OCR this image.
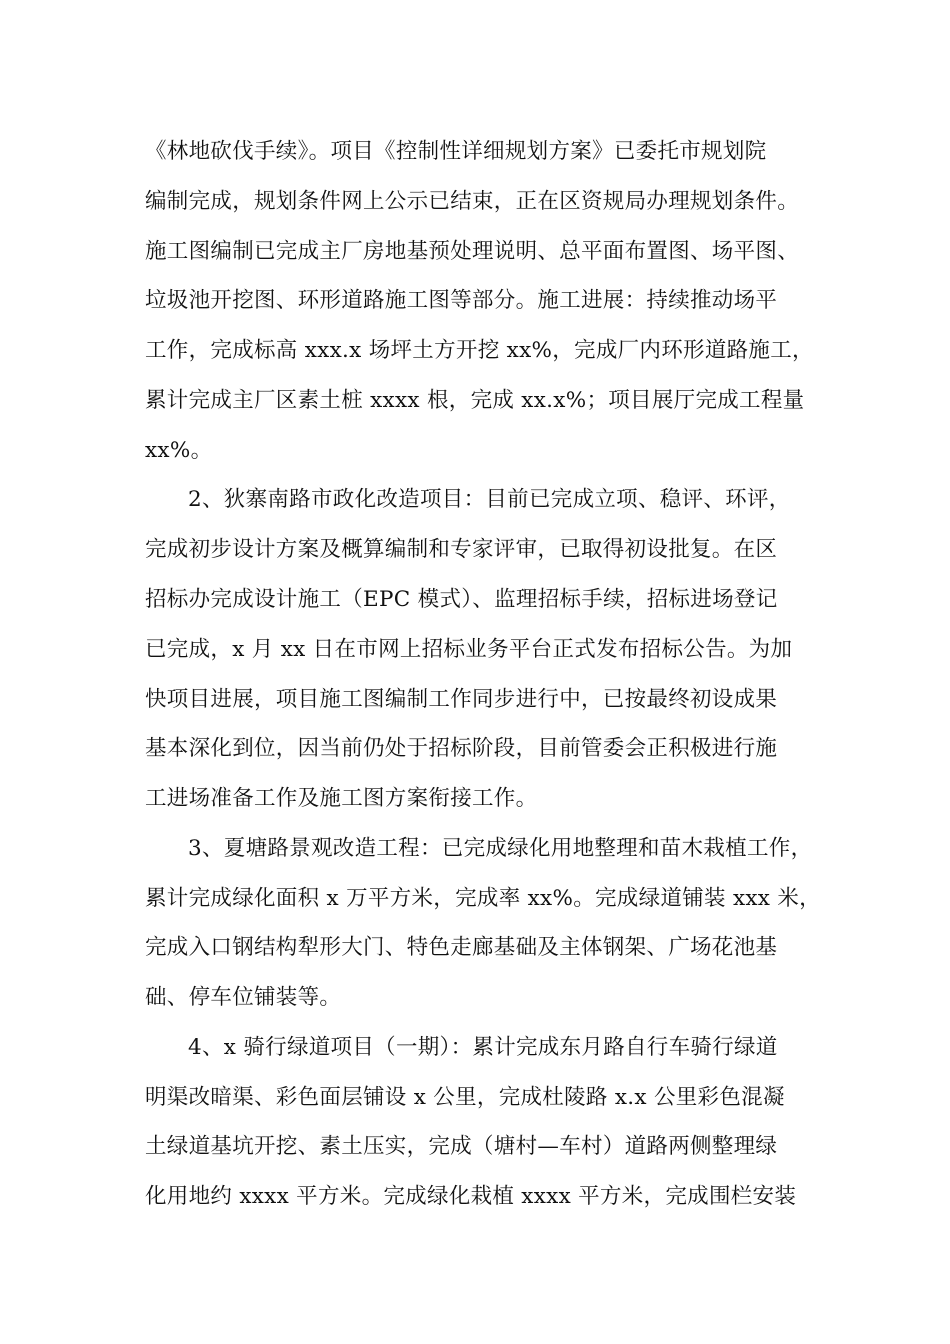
《林地砍伐手续》。项目《控制性详细规划方案》已委托市规划院
编制完成，规划条件网上公示已结束，正在区资规局办理规划条件。
施工图编制已完成主厂房地基预处理说明、总平面布置图、场平图、
垃圾池开挖图、环形道路施工图等部分。施工进展：持续推动场平
工作，完成标高 xxx.x 场坪土方开挖 xx%，完成厂内环形道路施工，
累计完成主厂区素土桩 xxxx 根，完成 xx.x%；项目展厅完成工程量
xx%。
2、狄寨南路市政化改造项目：目前已完成立项、稳评、环评，
完成初步设计方案及概算编制和专家评审，已取得初设批复。在区
招标办完成设计施工（EPC 模式）、监理招标手续，招标进场登记
已完成，x 月 xx 日在市网上招标业务平台正式发布招标公告。为加
快项目进展，项目施工图编制工作同步进行中，已按最终初设成果
基本深化到位，因当前仍处于招标阶段，目前管委会正积极进行施
工进场准备工作及施工图方案衔接工作。
3、夏塘路景观改造工程：已完成绿化用地整理和苗木栽植工作，
累计完成绿化面积 x 万平方米，完成率 xx%。完成绿道铺装 xxx 米，
完成入口钢结构犁形大门、特色走廊基础及主体钢架、广场花池基
础、停车位铺装等。
4、x 骑行绿道项目（一期）：累计完成东月路自行车骑行绿道
明渠改暗渠、彩色面层铺设 x 公里，完成杜陵路 x.x 公里彩色混凝
土绿道基坑开挖、素土压实，完成（塘村—车村）道路两侧整理绿
化用地约 xxxx 平方米。完成绿化栽植 xxxx 平方米，完成围栏安装
